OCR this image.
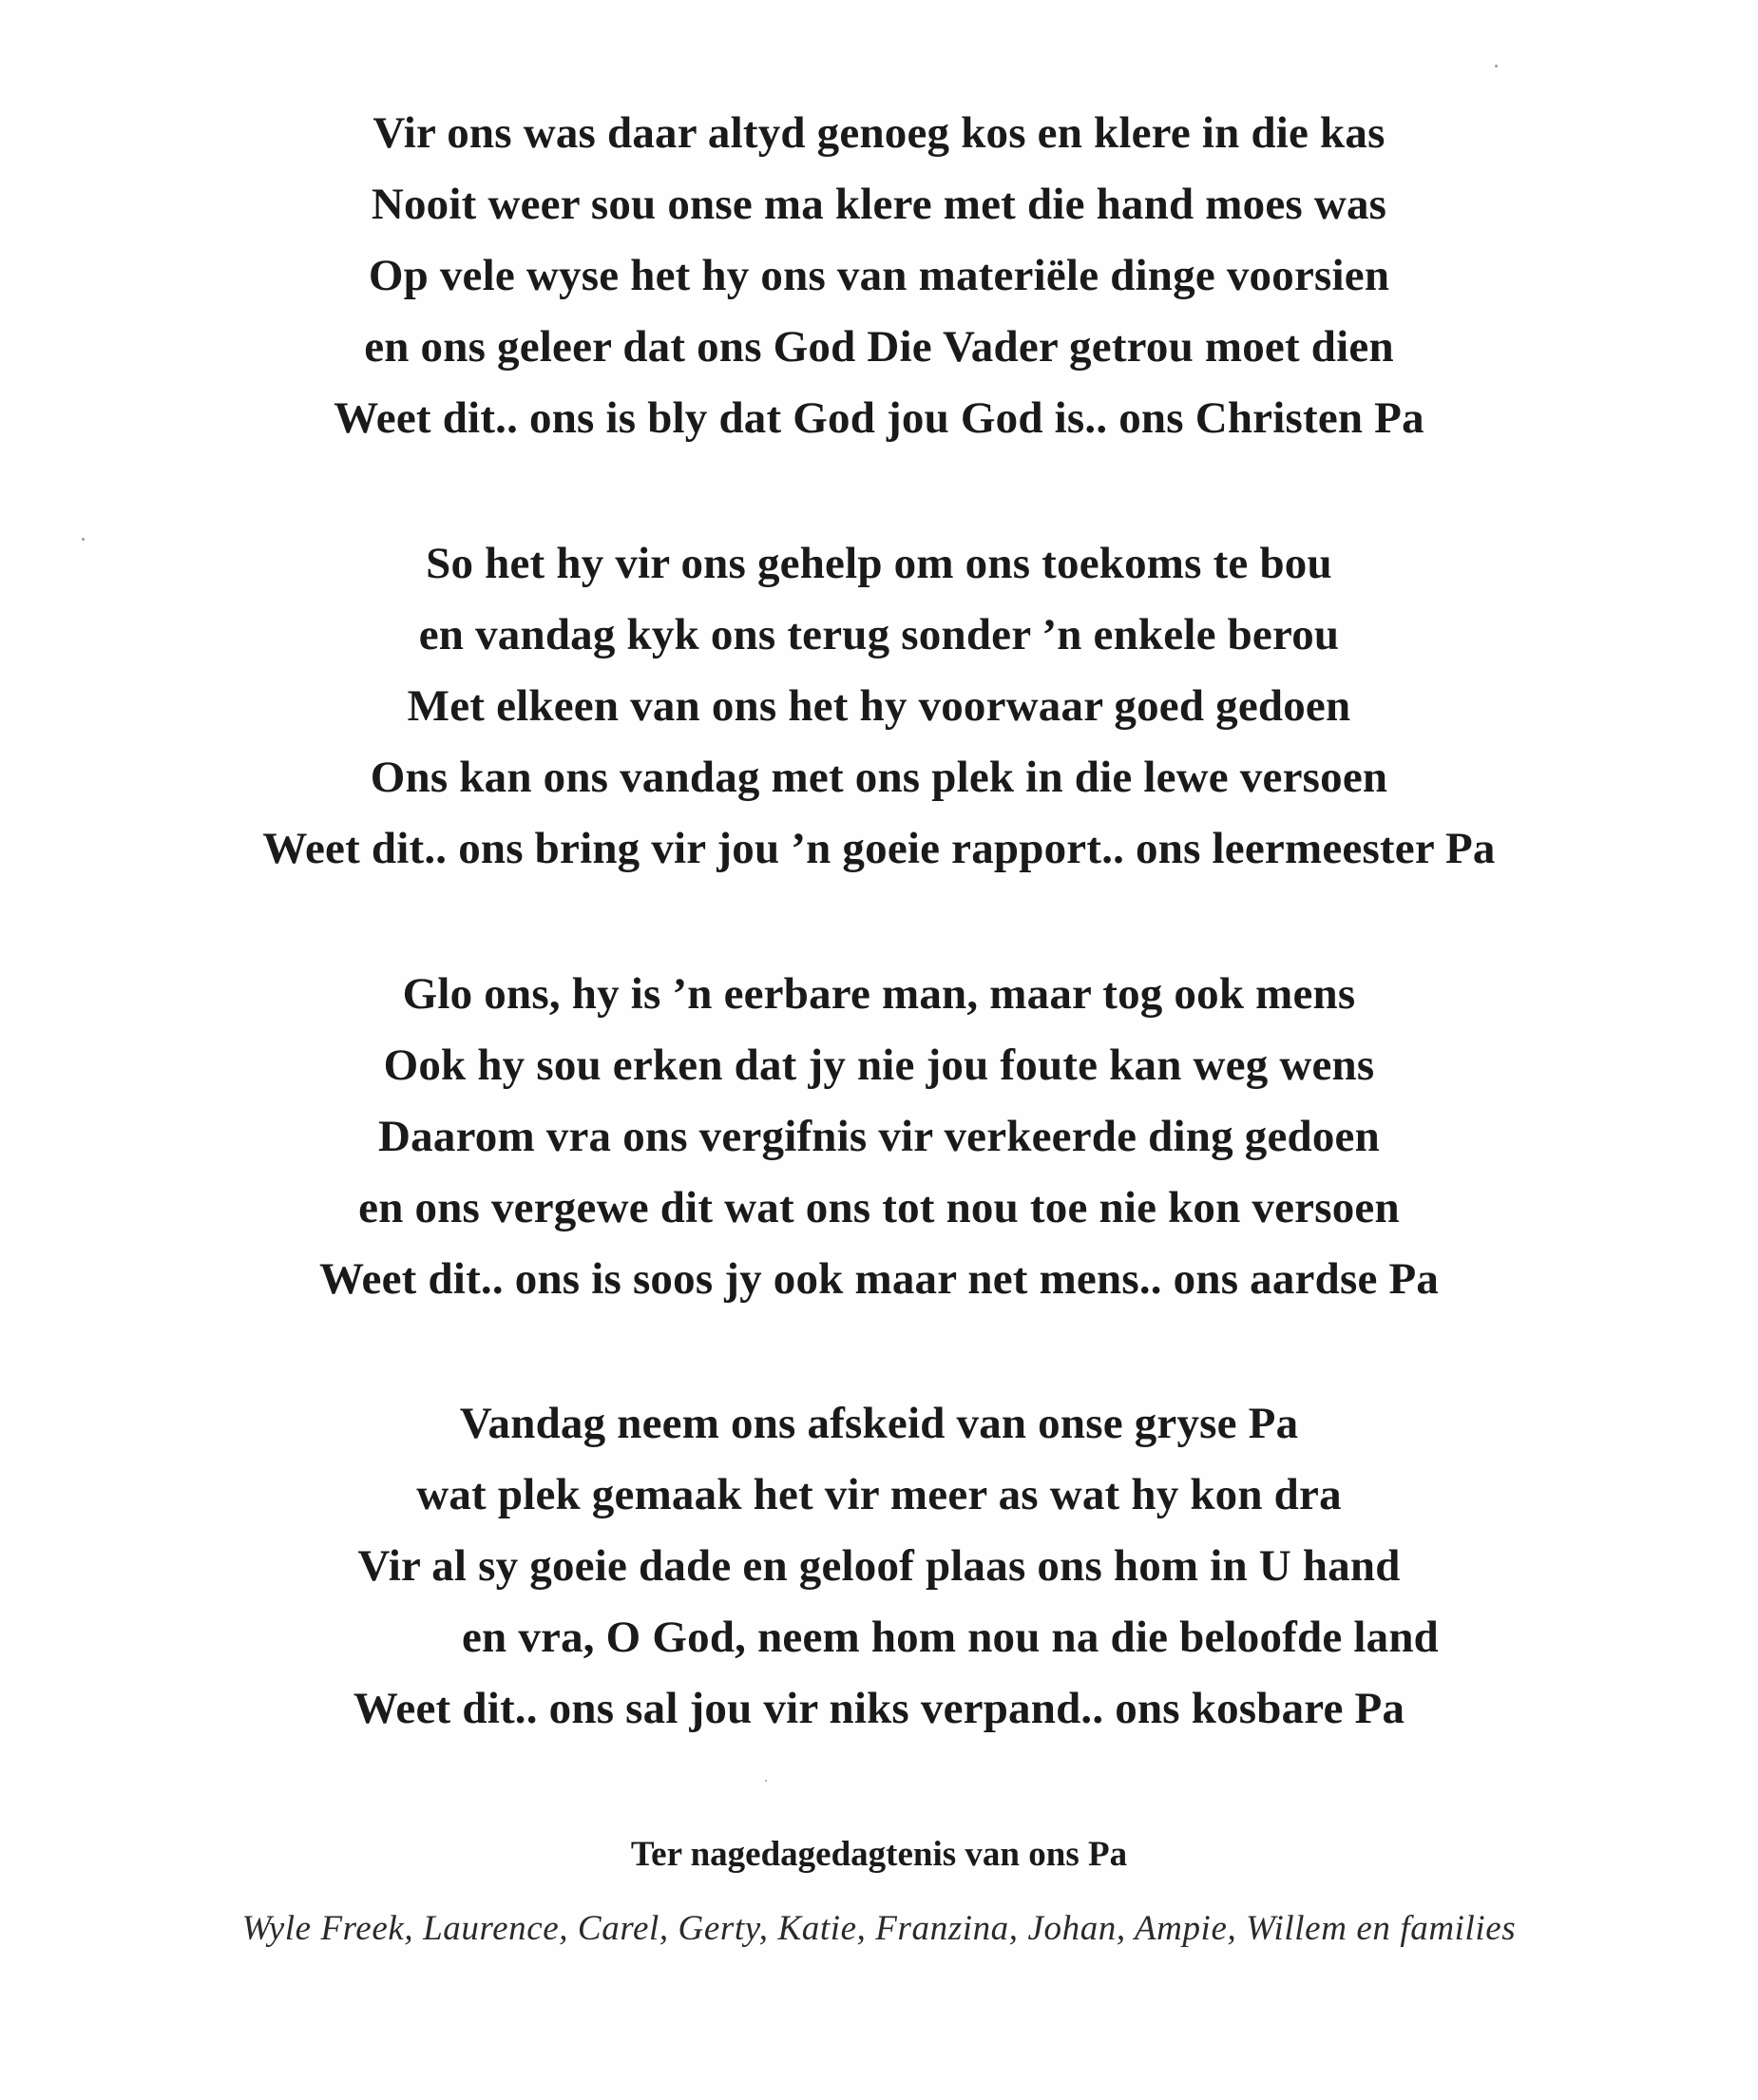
Vir ons was daar altyd genoeg kos en klere in die kas
Nooit weer sou onse ma klere met die hand moes was
Op vele wyse het hy ons van materiële dinge voorsien
en ons geleer dat ons God Die Vader getrou moet dien
Weet dit.. ons is bly dat God jou God is.. ons Christen Pa
So het hy vir ons gehelp om ons toekoms te bou
en vandag kyk ons terug sonder ’n enkele berou
Met elkeen van ons het hy voorwaar goed gedoen
Ons kan ons vandag met ons plek in die lewe versoen
Weet dit.. ons bring vir jou ’n goeie rapport.. ons leermeester Pa
Glo ons, hy is ’n eerbare man, maar tog ook mens
Ook hy sou erken dat jy nie jou foute kan weg wens
Daarom vra ons vergifnis vir verkeerde ding gedoen
en ons vergewe dit wat ons tot nou toe nie kon versoen
Weet dit.. ons is soos jy ook maar net mens.. ons aardse Pa
Vandag neem ons afskeid van onse gryse Pa
wat plek gemaak het vir meer as wat hy kon dra
Vir al sy goeie dade en geloof plaas ons hom in U hand
en vra, O God, neem hom nou na die beloofde land
Weet dit.. ons sal jou vir niks verpand.. ons kosbare Pa
Ter nagedagedagtenis van ons Pa
Wyle Freek, Laurence, Carel, Gerty, Katie, Franzina, Johan, Ampie, Willem en families
